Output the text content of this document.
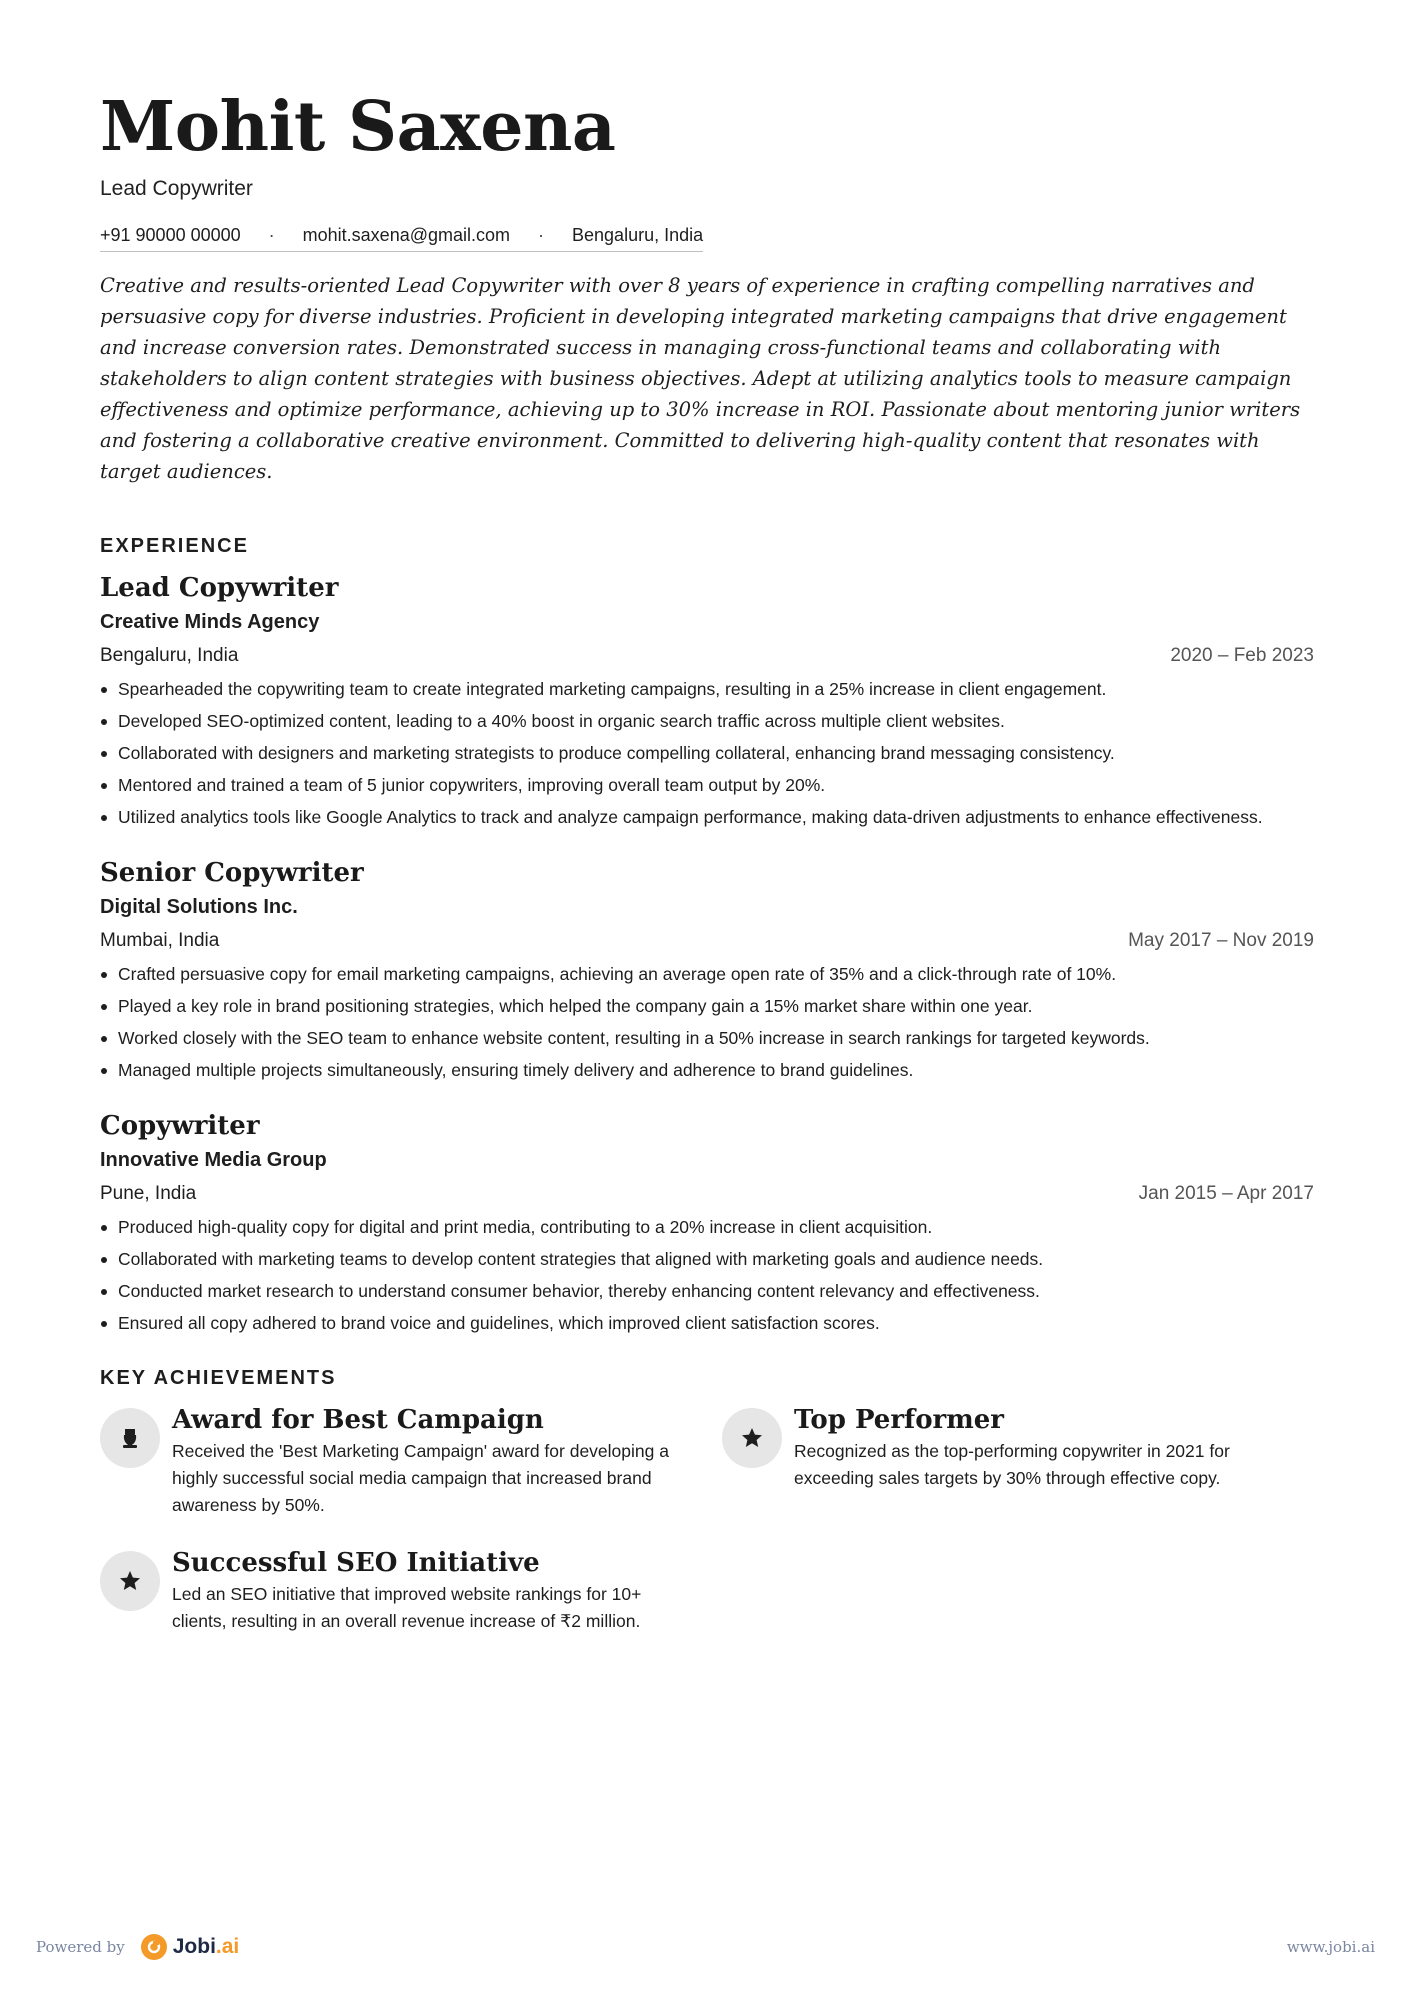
Mohit Saxena
Lead Copywriter
+91 90000 00000 · mohit.saxena@gmail.com · Bengaluru, India
Creative and results-oriented Lead Copywriter with over 8 years of experience in crafting compelling narratives and persuasive copy for diverse industries. Proficient in developing integrated marketing campaigns that drive engagement and increase conversion rates. Demonstrated success in managing cross-functional teams and collaborating with stakeholders to align content strategies with business objectives. Adept at utilizing analytics tools to measure campaign effectiveness and optimize performance, achieving up to 30% increase in ROI. Passionate about mentoring junior writers and fostering a collaborative creative environment. Committed to delivering high-quality content that resonates with target audiences.
EXPERIENCE
Lead Copywriter
Creative Minds Agency
Bengaluru, India	2020 – Feb 2023
Spearheaded the copywriting team to create integrated marketing campaigns, resulting in a 25% increase in client engagement.
Developed SEO-optimized content, leading to a 40% boost in organic search traffic across multiple client websites.
Collaborated with designers and marketing strategists to produce compelling collateral, enhancing brand messaging consistency.
Mentored and trained a team of 5 junior copywriters, improving overall team output by 20%.
Utilized analytics tools like Google Analytics to track and analyze campaign performance, making data-driven adjustments to enhance effectiveness.
Senior Copywriter
Digital Solutions Inc.
Mumbai, India	May 2017 – Nov 2019
Crafted persuasive copy for email marketing campaigns, achieving an average open rate of 35% and a click-through rate of 10%.
Played a key role in brand positioning strategies, which helped the company gain a 15% market share within one year.
Worked closely with the SEO team to enhance website content, resulting in a 50% increase in search rankings for targeted keywords.
Managed multiple projects simultaneously, ensuring timely delivery and adherence to brand guidelines.
Copywriter
Innovative Media Group
Pune, India	Jan 2015 – Apr 2017
Produced high-quality copy for digital and print media, contributing to a 20% increase in client acquisition.
Collaborated with marketing teams to develop content strategies that aligned with marketing goals and audience needs.
Conducted market research to understand consumer behavior, thereby enhancing content relevancy and effectiveness.
Ensured all copy adhered to brand voice and guidelines, which improved client satisfaction scores.
KEY ACHIEVEMENTS
Award for Best Campaign
Received the 'Best Marketing Campaign' award for developing a highly successful social media campaign that increased brand awareness by 50%.
Top Performer
Recognized as the top-performing copywriter in 2021 for exceeding sales targets by 30% through effective copy.
Successful SEO Initiative
Led an SEO initiative that improved website rankings for 10+ clients, resulting in an overall revenue increase of ₹2 million.
Powered by Jobi .ai	www.jobi.ai
